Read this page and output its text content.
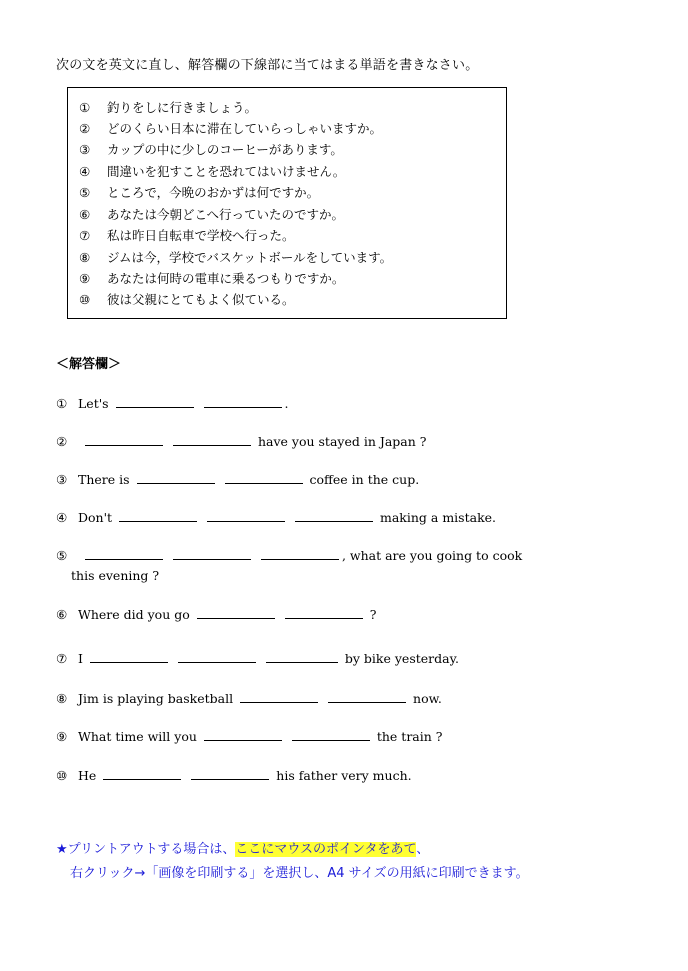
次の文を英文に直し、解答欄の下線部に当てはまる単語を書きなさい。
① 釣りをしに行きましょう。
② どのくらい日本に滞在していらっしゃいますか。
③ カップの中に少しのコーヒーがあります。
④ 間違いを犯すことを恐れてはいけません。
⑤ ところで，今晩のおかずは何ですか。
⑥ あなたは今朝どこへ行っていたのですか。
⑦ 私は昨日自転車で学校へ行った。
⑧ ジムは今，学校でバスケットボールをしています。
⑨ あなたは何時の電車に乗るつもりですか。
⑩ 彼は父親にとてもよく似ている。
＜解答欄＞
① Let's	.
②	have you stayed in Japan ?
③ There is	coffee in the cup.
④ Don't	making a mistake.
⑤	, what are you going to cook
this evening ?
⑥ Where did you go	?
⑦ I	by bike yesterday.
⑧ Jim is playing basketball	now.
⑨ What time will you	the train ?
⑩ He	his father very much.
★プリントアウトする場合は、ここにマウスのポインタをあて、
右クリック→「画像を印刷する」を選択し、A4 サイズの用紙に印刷できます。
